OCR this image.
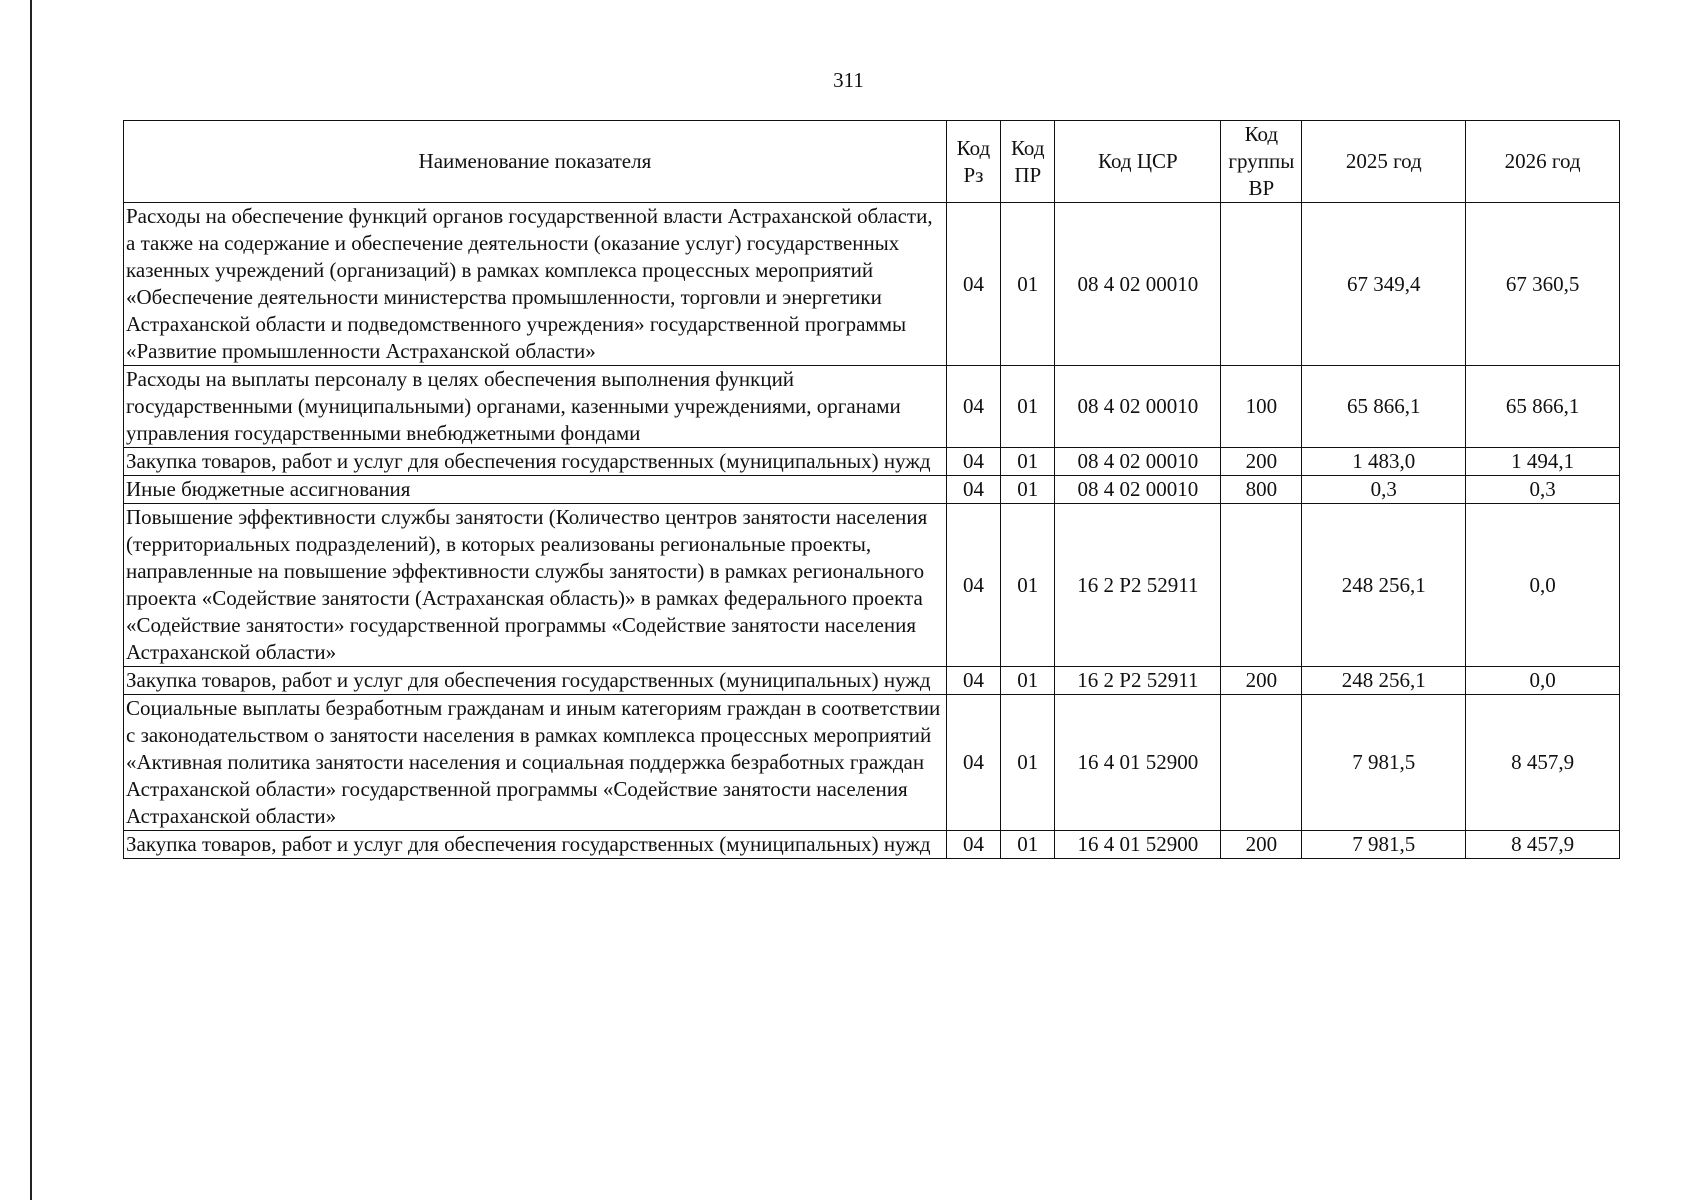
311
Наименование показателя	Код Рз	Код ПР	Код ЦСР	Код группы ВР	2025 год	2026 год
Расходы на обеспечение функций органов государственной власти Астраханской области, а также на содержание и обеспечение деятельности (оказание услуг) государственных казенных учреждений (организаций) в рамках комплекса процессных мероприятий «Обеспечение деятельности министерства промышленности, торговли и энергетики Астраханской области и подведомственного учреждения» государственной программы «Развитие промышленности Астраханской области»	04	01	08 4 02 00010		67 349,4	67 360,5
Расходы на выплаты персоналу в целях обеспечения выполнения функций государственными (муниципальными) органами, казенными учреждениями, органами управления государственными внебюджетными фондами	04	01	08 4 02 00010	100	65 866,1	65 866,1
Закупка товаров, работ и услуг для обеспечения государственных (муниципальных) нужд	04	01	08 4 02 00010	200	1 483,0	1 494,1
Иные бюджетные ассигнования	04	01	08 4 02 00010	800	0,3	0,3
Повышение эффективности службы занятости (Количество центров занятости населения (территориальных подразделений), в которых реализованы региональные проекты, направленные на повышение эффективности службы занятости) в рамках регионального проекта «Содействие занятости (Астраханская область)» в рамках федерального проекта «Содействие занятости» государственной программы «Содействие занятости населения Астраханской области»	04	01	16 2 Р2 52911		248 256,1	0,0
Закупка товаров, работ и услуг для обеспечения государственных (муниципальных) нужд	04	01	16 2 Р2 52911	200	248 256,1	0,0
Социальные выплаты безработным гражданам и иным категориям граждан в соответствии с законодательством о занятости населения в рамках комплекса процессных мероприятий «Активная политика занятости населения и социальная поддержка безработных граждан Астраханской области» государственной программы «Содействие занятости населения Астраханской области»	04	01	16 4 01 52900		7 981,5	8 457,9
Закупка товаров, работ и услуг для обеспечения государственных (муниципальных) нужд	04	01	16 4 01 52900	200	7 981,5	8 457,9
